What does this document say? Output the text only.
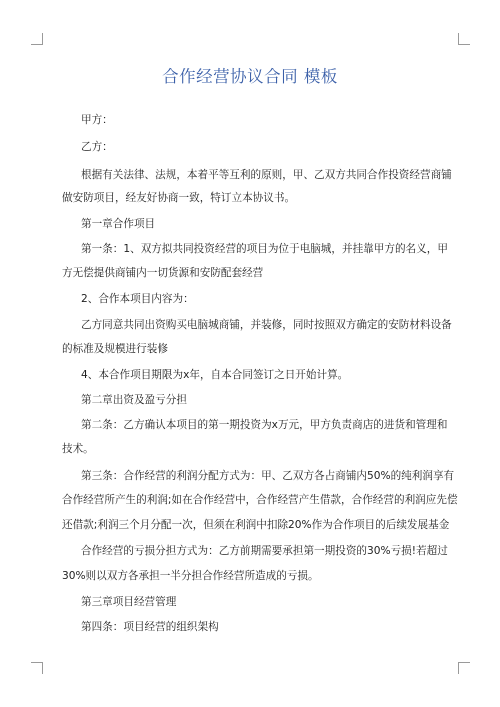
合作经营协议合同 模板
甲方：
乙方：
根据有关法律、法规，本着平等互利的原则，甲、乙双方共同合作投资经营商铺
做安防项目，经友好协商一致，特订立本协议书。
第一章合作项目
第一条：1、双方拟共同投资经营的项目为位于电脑城，并挂靠甲方的名义，甲
方无偿提供商铺内一切货源和安防配套经营
2、合作本项目内容为：
乙方同意共同出资购买电脑城商铺，并装修，同时按照双方确定的安防材料设备
的标准及规模进行装修
4、本合作项目期限为x年，自本合同签订之日开始计算。
第二章出资及盈亏分担
第二条：乙方确认本项目的第一期投资为x万元，甲方负责商店的进货和管理和
技术。
第三条：合作经营的利润分配方式为：甲、乙双方各占商铺内50%的纯利润享有
合作经营所产生的利润;如在合作经营中，合作经营产生借款，合作经营的利润应先偿
还借款;利润三个月分配一次，但须在利润中扣除20%作为合作项目的后续发展基金
合作经营的亏损分担方式为：乙方前期需要承担第一期投资的30%亏损!若超过
30%则以双方各承担一半分担合作经营所造成的亏损。
第三章项目经营管理
第四条：项目经营的组织架构
